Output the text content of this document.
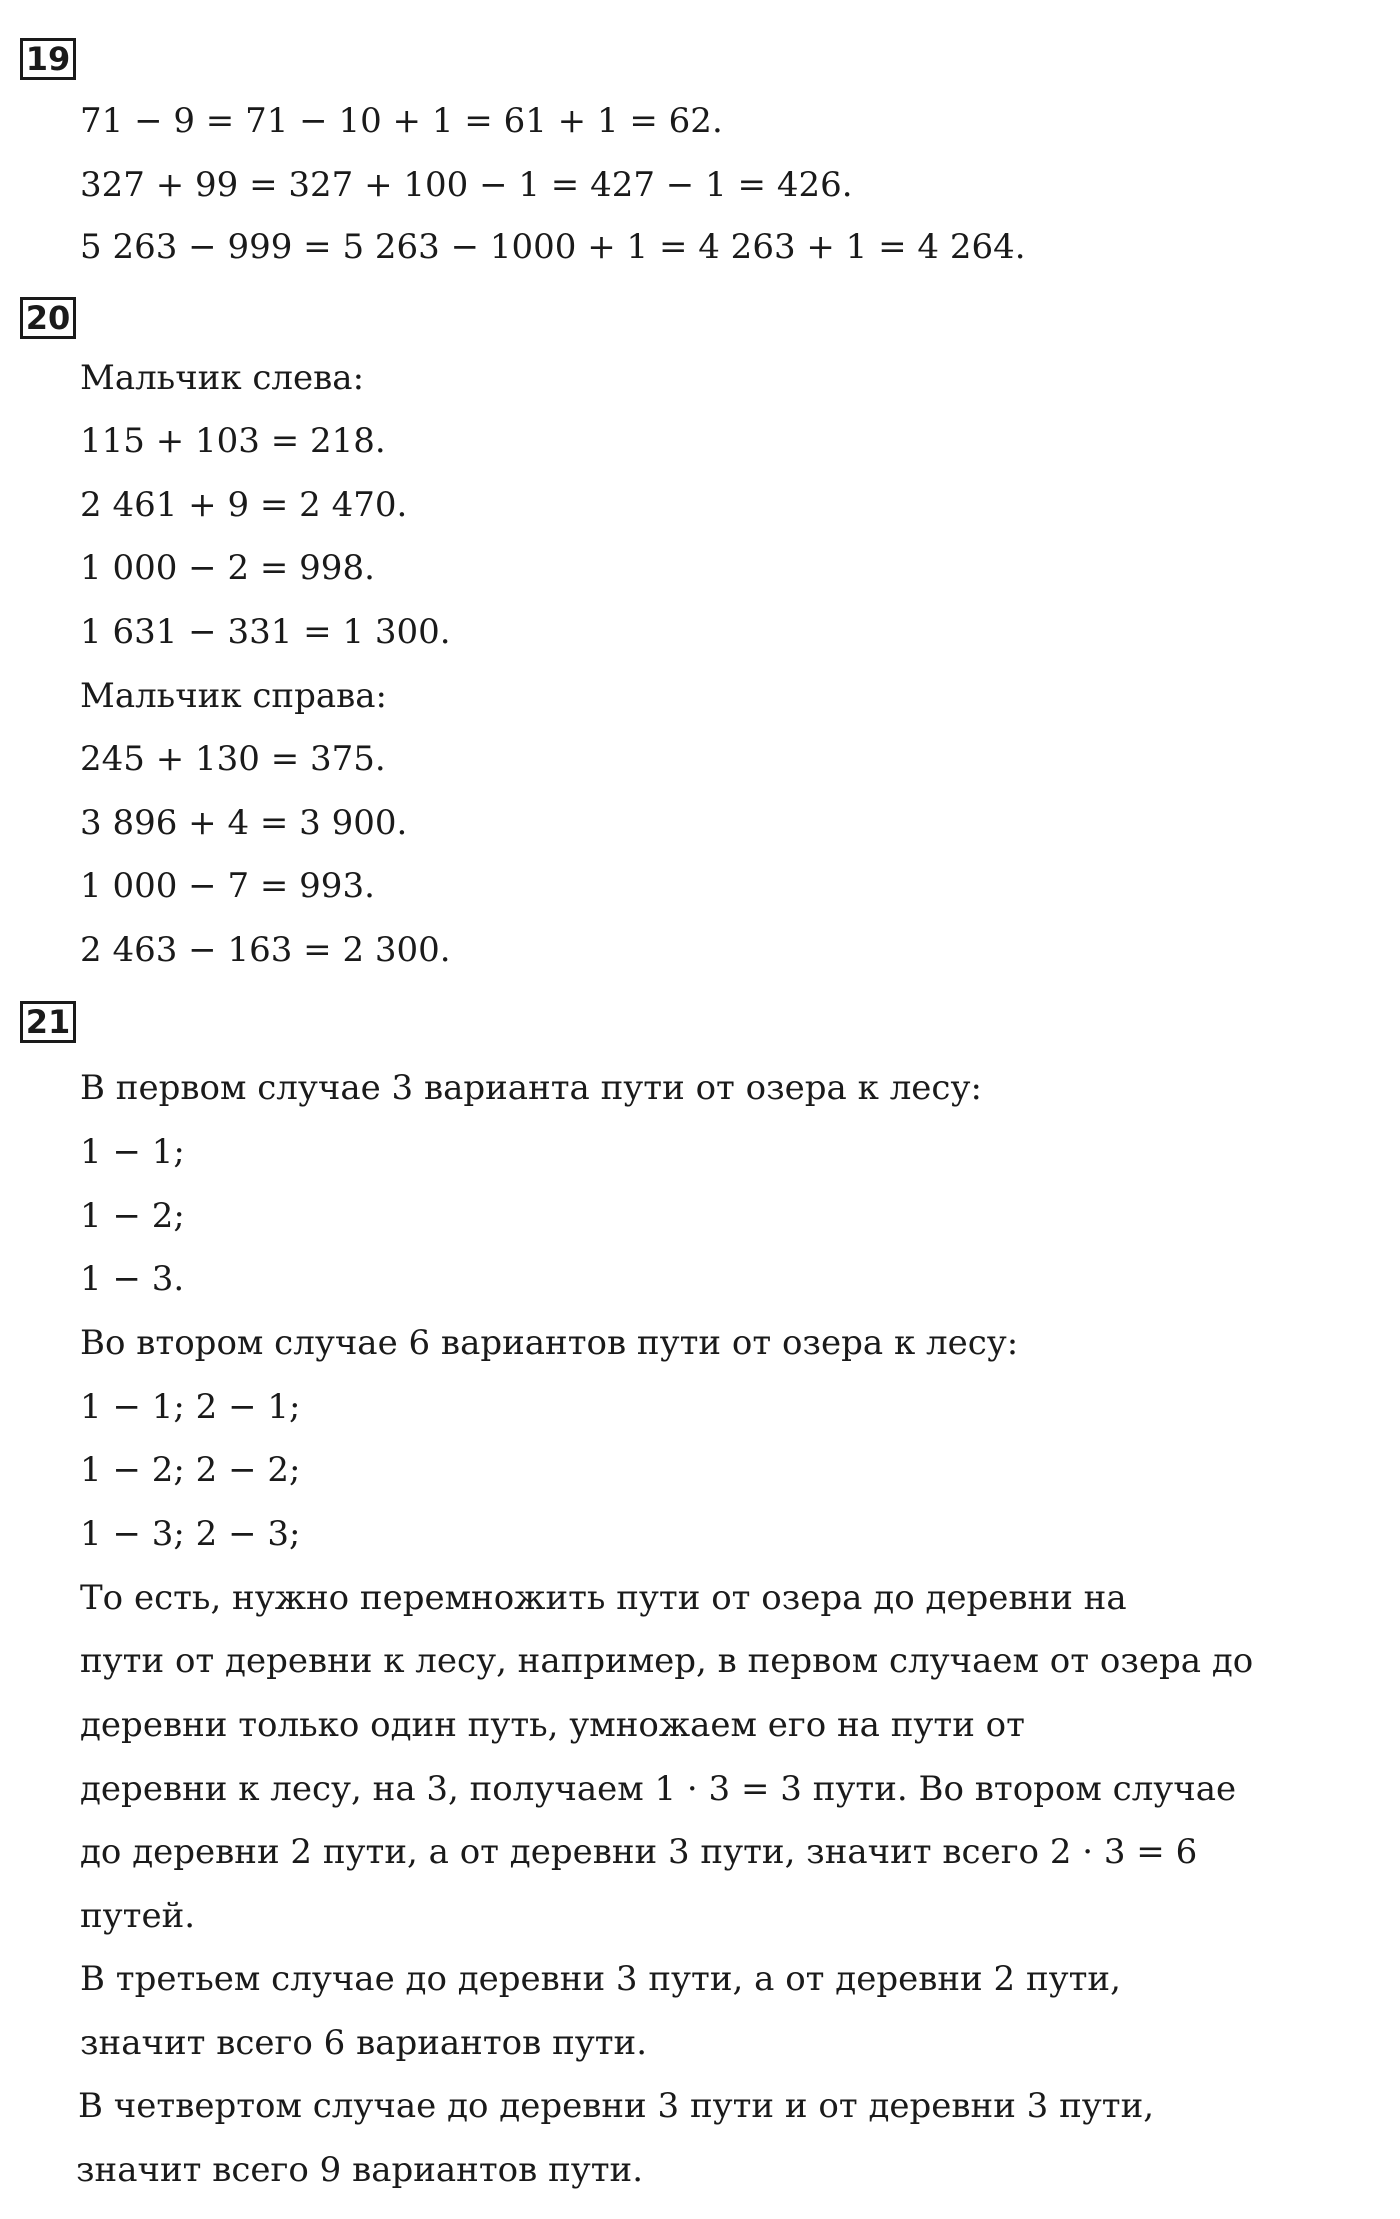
19
71 − 9 = 71 − 10 + 1 = 61 + 1 = 62.
327 + 99 = 327 + 100 − 1 = 427 − 1 = 426.
5 263 − 999 = 5 263 − 1000 + 1 = 4 263 + 1 = 4 264.
20
Мальчик слева:
115 + 103 = 218.
2 461 + 9 = 2 470.
1 000 − 2 = 998.
1 631 − 331 = 1 300.
Мальчик справа:
245 + 130 = 375.
3 896 + 4 = 3 900.
1 000 − 7 = 993.
2 463 − 163 = 2 300.
21
В первом случае 3 варианта пути от озера к лесу:
1 − 1;
1 − 2;
1 − 3.
Во втором случае 6 вариантов пути от озера к лесу:
1 − 1; 2 − 1;
1 − 2; 2 − 2;
1 − 3; 2 − 3;
То есть, нужно перемножить пути от озера до деревни на
пути от деревни к лесу, например, в первом случаем от озера до
деревни только один путь, умножаем его на пути от
деревни к лесу, на 3, получаем 1 · 3 = 3 пути. Во втором случае
до деревни 2 пути, а от деревни 3 пути, значит всего 2 · 3 = 6
путей.
В третьем случае до деревни 3 пути, а от деревни 2 пути,
значит всего 6 вариантов пути.
В четвертом случае до деревни 3 пути и от деревни 3 пути,
значит всего 9 вариантов пути.
